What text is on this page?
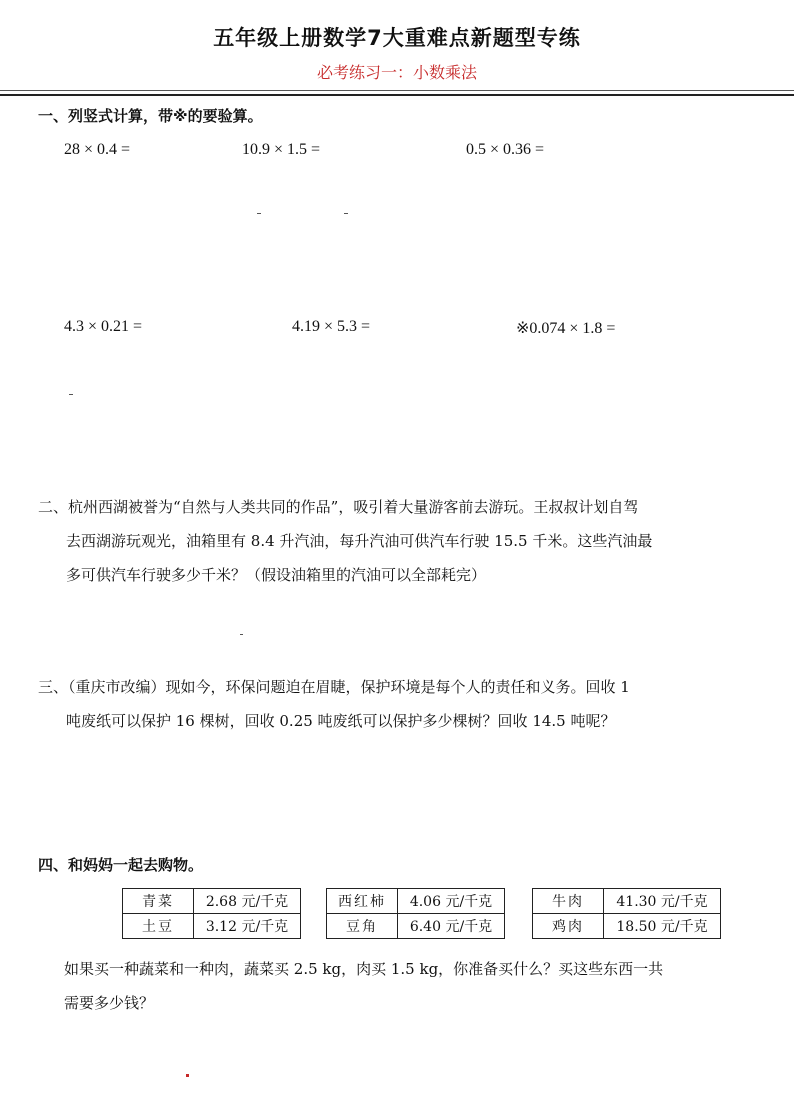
五年级上册数学7大重难点新题型专练
必考练习一：小数乘法
一、列竖式计算，带※的要验算。
28 × 0.4 =	10.9 × 1.5 =	0.5 × 0.36 =
4.3 × 0.21 =	4.19 × 5.3 =	※0.074 × 1.8 =
二、杭州西湖被誉为“自然与人类共同的作品”，吸引着大量游客前去游玩。王叔叔计划自驾
去西湖游玩观光，油箱里有 8.4 升汽油，每升汽油可供汽车行驶 15.5 千米。这些汽油最
多可供汽车行驶多少千米？（假设油箱里的汽油可以全部耗完）
三、（重庆市改编）现如今，环保问题迫在眉睫，保护环境是每个人的责任和义务。回收 1
吨废纸可以保护 16 棵树，回收 0.25 吨废纸可以保护多少棵树？回收 14.5 吨呢？
四、和妈妈一起去购物。
青菜	2.68 元/千克
土豆	3.12 元/千克
西红柿	4.06 元/千克
豆角	6.40 元/千克
牛肉	41.30 元/千克
鸡肉	18.50 元/千克
如果买一种蔬菜和一种肉，蔬菜买 2.5 kg，肉买 1.5 kg，你准备买什么？买这些东西一共
需要多少钱？
